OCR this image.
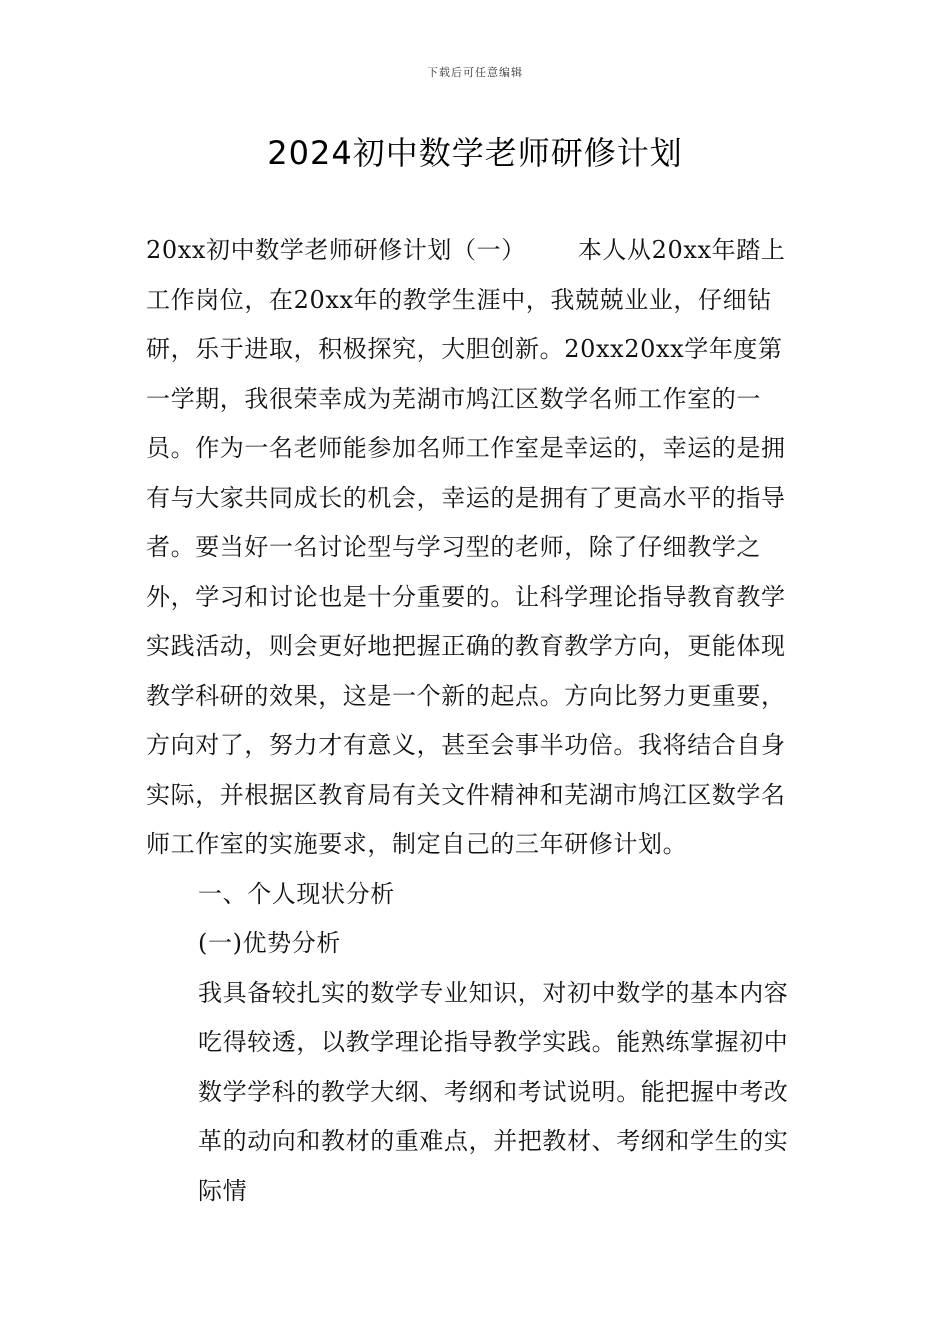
下载后可任意编辑
2024初中数学老师研修计划

20xx初中数学老师研修计划（一） 本人从20xx年踏上工作岗位，在20xx年的教学生涯中，我兢兢业业，仔细钻研，乐于进取，积极探究，大胆创新。20xx20xx学年度第一学期，我很荣幸成为芜湖市鸠江区数学名师工作室的一员。作为一名老师能参加名师工作室是幸运的，幸运的是拥有与大家共同成长的机会，幸运的是拥有了更高水平的指导者。要当好一名讨论型与学习型的老师，除了仔细教学之外，学习和讨论也是十分重要的。让科学理论指导教育教学实践活动，则会更好地把握正确的教育教学方向，更能体现教学科研的效果，这是一个新的起点。方向比努力更重要，方向对了，努力才有意义，甚至会事半功倍。我将结合自身实际，并根据区教育局有关文件精神和芜湖市鸠江区数学名师工作室的实施要求，制定自己的三年研修计划。

一、个人现状分析

(一)优势分析

我具备较扎实的数学专业知识，对初中数学的基本内容吃得较透，以教学理论指导教学实践。能熟练掌握初中数学学科的教学大纲、考纲和考试说明。能把握中考改革的动向和教材的重难点，并把教材、考纲和学生的实际情
